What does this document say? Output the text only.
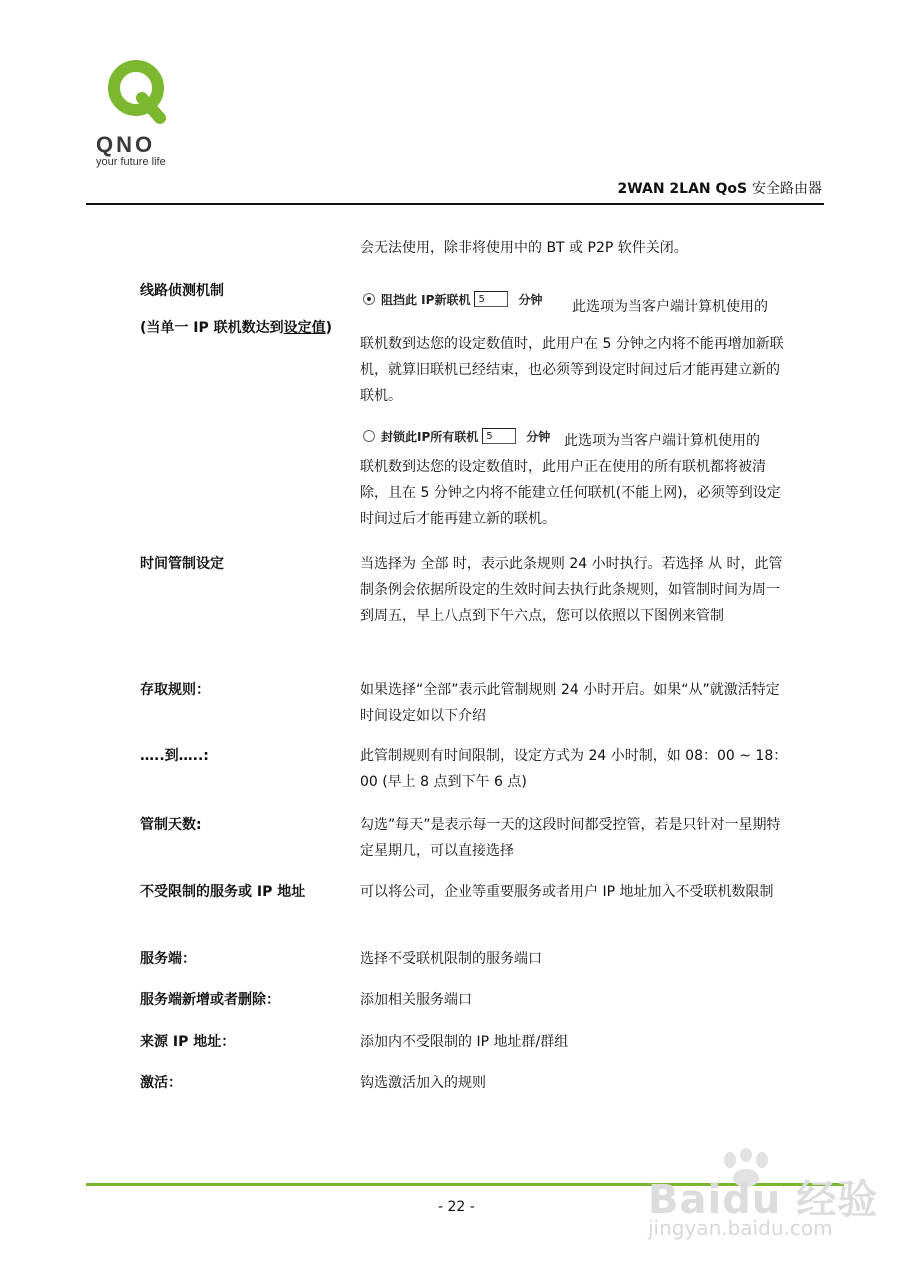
QNO
your future life
2WAN 2LAN QoS 安全路由器
会无法使用，除非将使用中的 BT 或 P2P 软件关闭。
线路侦测机制
(当单一 IP 联机数达到设定值)
阻挡此 IP新联机 5	分钟 此选项为当客户端计算机使用的
联机数到达您的设定数值时，此用户在 5 分钟之内将不能再增加新联机，就算旧联机已经结束，也必须等到设定时间过后才能再建立新的联机。
封锁此IP所有联机 5	分钟 此选项为当客户端计算机使用的
联机数到达您的设定数值时，此用户正在使用的所有联机都将被清除，且在 5 分钟之内将不能建立任何联机(不能上网)，必须等到设定时间过后才能再建立新的联机。
时间管制设定	当选择为 全部 时，表示此条规则 24 小时执行。若选择 从 时，此管制条例会依据所设定的生效时间去执行此条规则，如管制时间为周一到周五，早上八点到下午六点，您可以依照以下图例来管制
存取规则：	如果选择“全部”表示此管制规则 24 小时开启。如果“从”就激活特定时间设定如以下介绍
…..到…..:	此管制规则有时间限制，设定方式为 24 小时制，如 08：00 ~ 18：00 (早上 8 点到下午 6 点)
管制天数:	勾选”每天”是表示每一天的这段时间都受控管，若是只针对一星期特定星期几，可以直接选择
不受限制的服务或 IP 地址	可以将公司，企业等重要服务或者用户 IP 地址加入不受联机数限制
服务端：	选择不受联机限制的服务端口
服务端新增或者删除：	添加相关服务端口
来源 IP 地址：	添加内不受限制的 IP 地址群/群组
激活：	钩选激活加入的规则
- 22 -	Baidu 经验
jingyan.baidu.com
